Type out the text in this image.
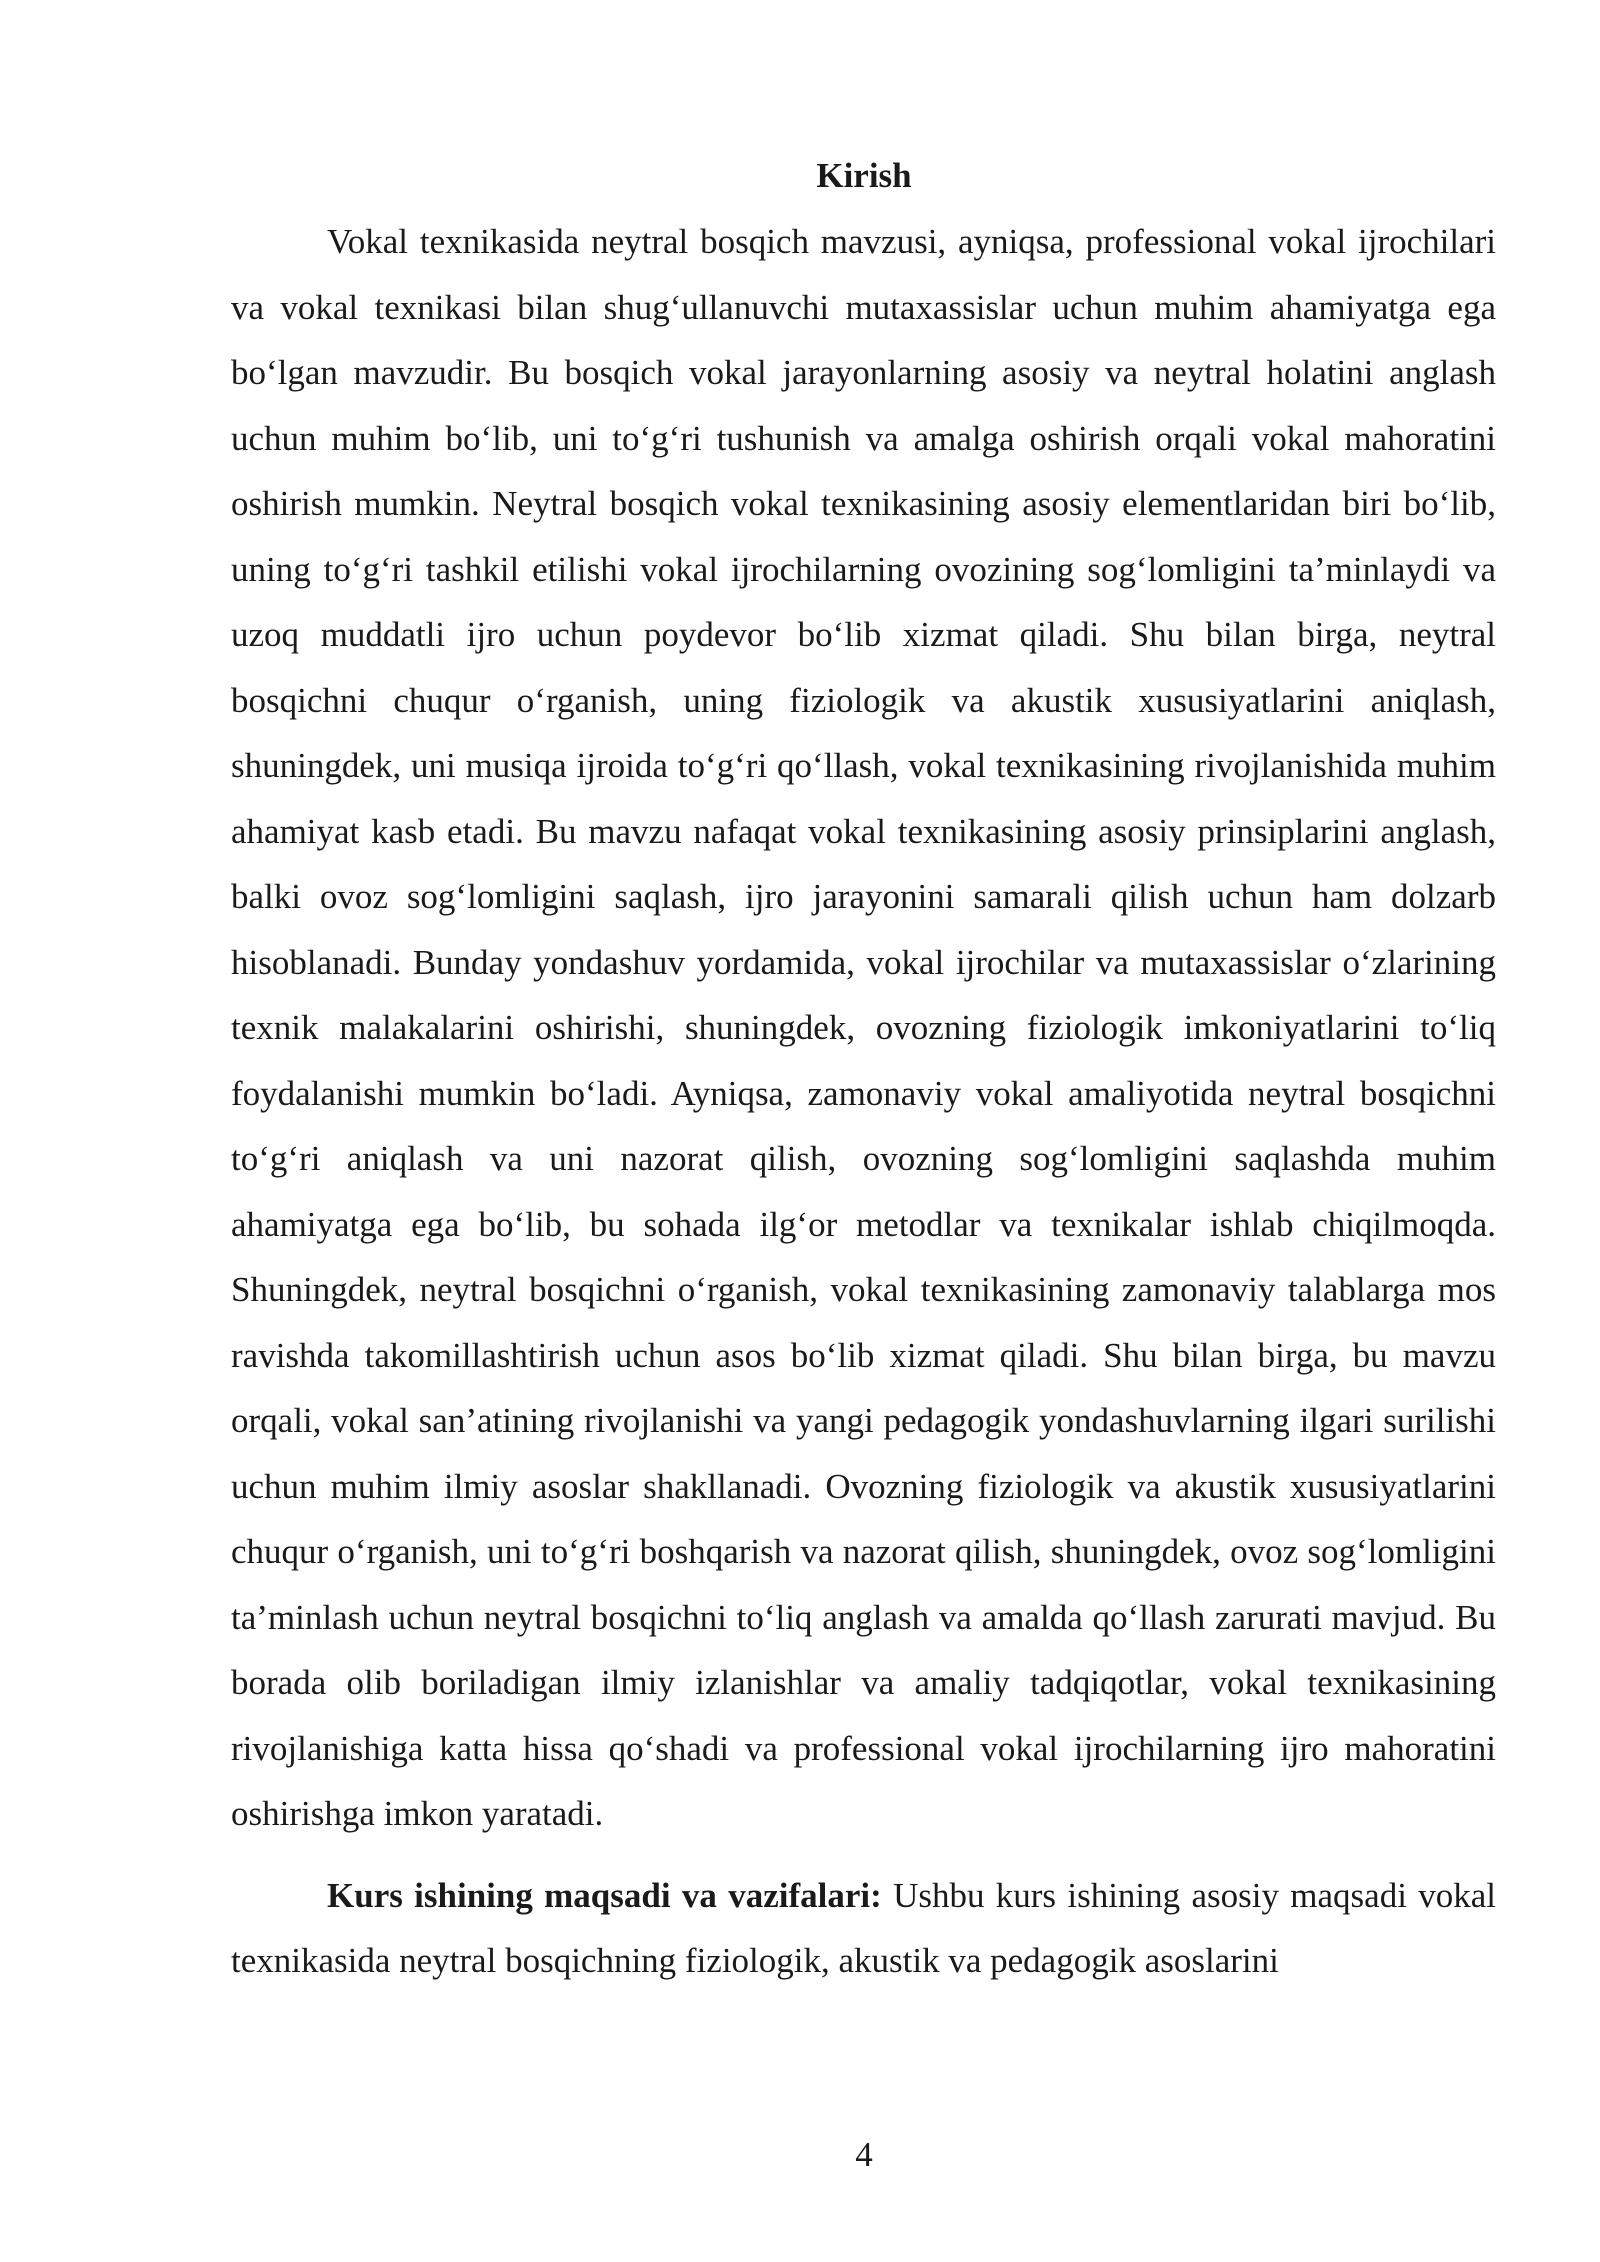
Kirish

Vokal texnikasida neytral bosqich mavzusi, ayniqsa, professional vokal ijrochilari va vokal texnikasi bilan shug‘ullanuvchi mutaxassislar uchun muhim ahamiyatga ega bo‘lgan mavzudir. Bu bosqich vokal jarayonlarning asosiy va neytral holatini anglash uchun muhim bo‘lib, uni to‘g‘ri tushunish va amalga oshirish orqali vokal mahoratini oshirish mumkin. Neytral bosqich vokal texnikasining asosiy elementlaridan biri bo‘lib, uning to‘g‘ri tashkil etilishi vokal ijrochilarning ovozining sog‘lomligini ta’minlaydi va uzoq muddatli ijro uchun poydevor bo‘lib xizmat qiladi. Shu bilan birga, neytral bosqichni chuqur o‘rganish, uning fiziologik va akustik xususiyatlarini aniqlash, shuningdek, uni musiqa ijroida to‘g‘ri qo‘llash, vokal texnikasining rivojlanishida muhim ahamiyat kasb etadi. Bu mavzu nafaqat vokal texnikasining asosiy prinsiplarini anglash, balki ovoz sog‘lomligini saqlash, ijro jarayonini samarali qilish uchun ham dolzarb hisoblanadi. Bunday yondashuv yordamida, vokal ijrochilar va mutaxassislar o‘zlarining texnik malakalarini oshirishi, shuningdek, ovozning fiziologik imkoniyatlarini to‘liq foydalanishi mumkin bo‘ladi. Ayniqsa, zamonaviy vokal amaliyotida neytral bosqichni to‘g‘ri aniqlash va uni nazorat qilish, ovozning sog‘lomligini saqlashda muhim ahamiyatga ega bo‘lib, bu sohada ilg‘or metodlar va texnikalar ishlab chiqilmoqda. Shuningdek, neytral bosqichni o‘rganish, vokal texnikasining zamonaviy talablarga mos ravishda takomillashtirish uchun asos bo‘lib xizmat qiladi. Shu bilan birga, bu mavzu orqali, vokal san’atining rivojlanishi va yangi pedagogik yondashuvlarning ilgari surilishi uchun muhim ilmiy asoslar shakllanadi. Ovozning fiziologik va akustik xususiyatlarini chuqur o‘rganish, uni to‘g‘ri boshqarish va nazorat qilish, shuningdek, ovoz sog‘lomligini ta’minlash uchun neytral bosqichni to‘liq anglash va amalda qo‘llash zarurati mavjud. Bu borada olib boriladigan ilmiy izlanishlar va amaliy tadqiqotlar, vokal texnikasining rivojlanishiga katta hissa qo‘shadi va professional vokal ijrochilarning ijro mahoratini oshirishga imkon yaratadi.

Kurs ishining maqsadi va vazifalari: Ushbu kurs ishining asosiy maqsadi vokal texnikasida neytral bosqichning fiziologik, akustik va pedagogik asoslarini

4
